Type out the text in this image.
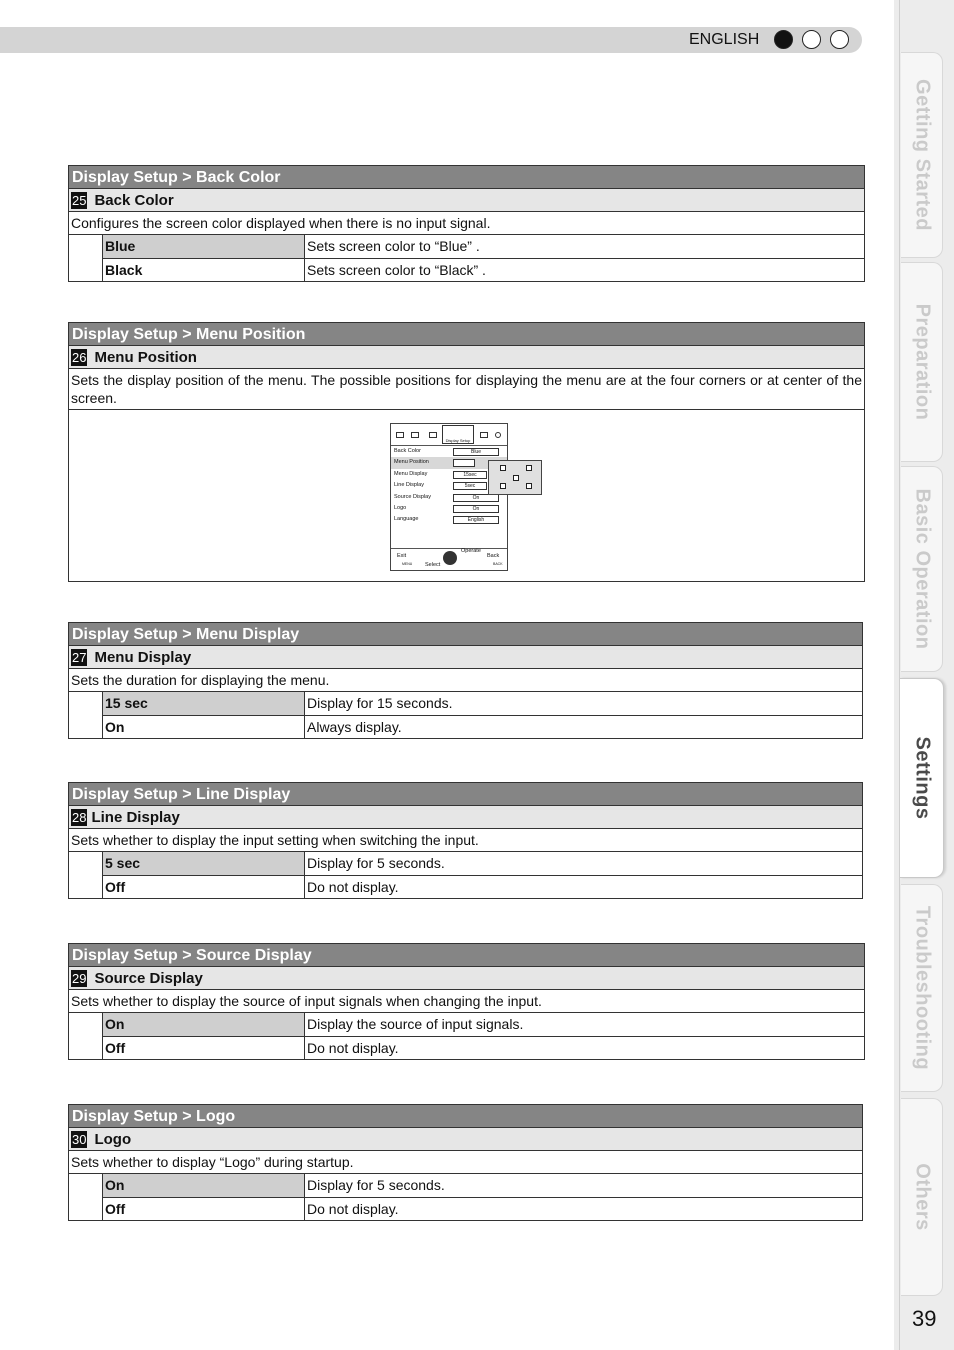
ENGLISH
Getting Started
Preparation
Basic Operation
Settings
Troubleshooting
Others
39
Display Setup > Back Color
25 Back Color
Configures the screen color displayed when there is no input signal.
Blue	Sets screen color to “Blue” .
Black	Sets screen color to “Black” .
Display Setup > Menu Position
26 Menu Position
Sets the display position of the menu. The possible positions for displaying the menu are at the four corners or at center of the screen.
Display Setup
Back Color	Blue
Menu Position
Menu Display	15sec
Line Display	5sec
Source Display	On
Logo	On
Language	English
Exit
MENU Select
Operate
Back
BACK
Display Setup > Menu Display
27 Menu Display
Sets the duration for displaying the menu.
15 sec	Display for 15 seconds.
On	Always display.
Display Setup > Line Display
28 Line Display
Sets whether to display the input setting when switching the input.
5 sec	Display for 5 seconds.
Off	Do not display.
Display Setup > Source Display
29 Source Display
Sets whether to display the source of input signals when changing the input.
On	Display the source of input signals.
Off	Do not display.
Display Setup > Logo
30 Logo
Sets whether to display “Logo” during startup.
On	Display for 5 seconds.
Off	Do not display.
